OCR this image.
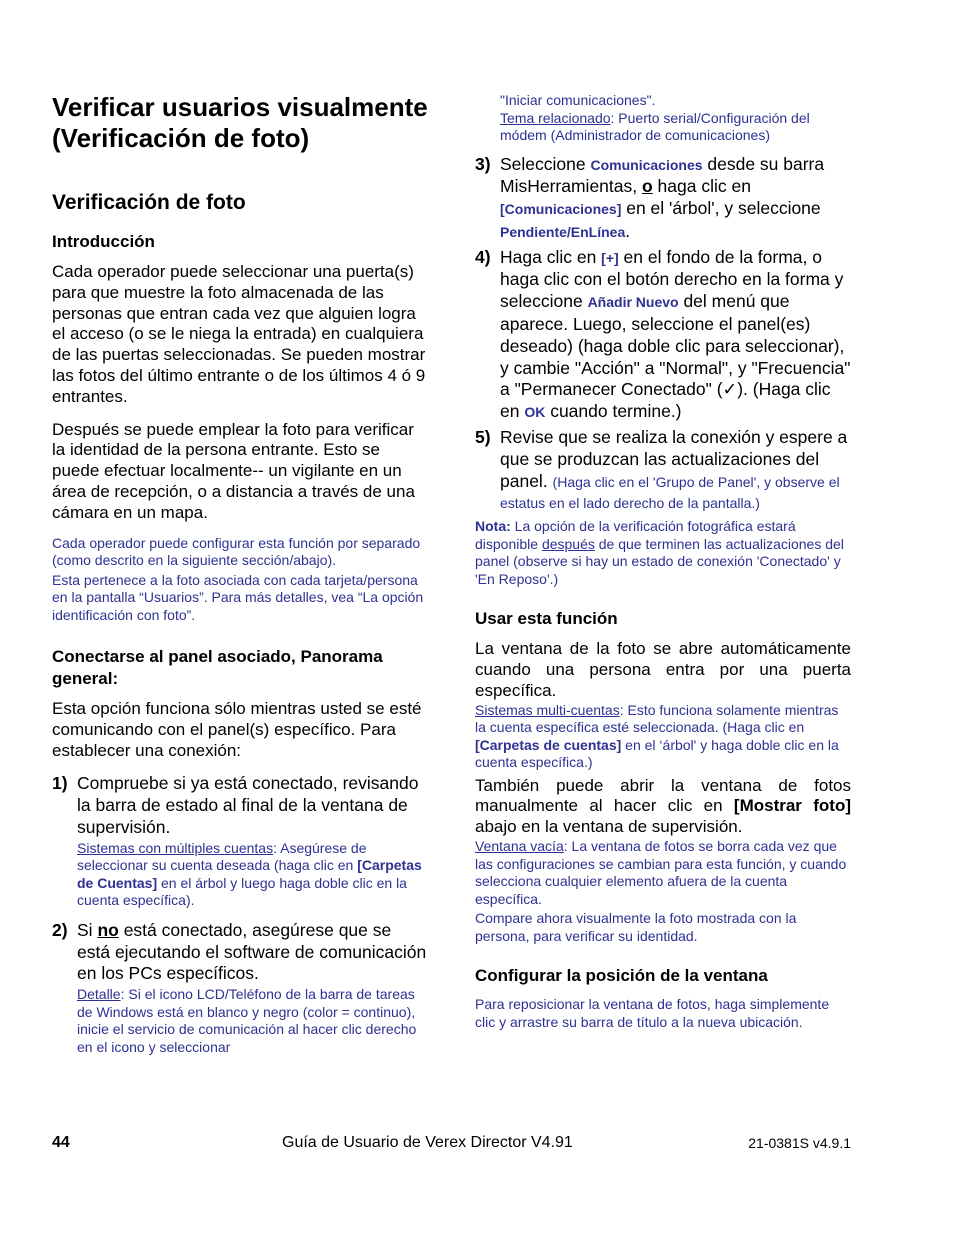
Verificar usuarios visualmente (Verificación de foto)
Verificación de foto
Introducción

Cada operador puede seleccionar una puerta(s) para que muestre la foto almacenada de las personas que entran cada vez que alguien logra el acceso (o se le niega la entrada) en cualquiera de las puertas seleccionadas. Se pueden mostrar las fotos del último entrante o de los últimos 4 ó 9 entrantes.

Después se puede emplear la foto para verificar la identidad de la persona entrante. Esto se puede efectuar localmente-- un vigilante en un área de recepción, o a distancia a través de una cámara en un mapa.

Cada operador puede configurar esta función por separado (como descrito en la siguiente sección/abajo).

Esta pertenece a la foto asociada con cada tarjeta/persona en la pantalla “Usuarios”. Para más detalles, vea “La opción identificación con foto”.

Conectarse al panel asociado, Panorama general:

Esta opción funciona sólo mientras usted se esté comunicando con el panel(s) específico. Para establecer una conexión:

1) Compruebe si ya está conectado, revisando la barra de estado al final de la ventana de supervisión.

Sistemas con múltiples cuentas: Asegúrese de seleccionar su cuenta deseada (haga clic en [Carpetas de Cuentas] en el árbol y luego haga doble clic en la cuenta específica).

2) Si no está conectado, asegúrese que se está ejecutando el software de comunicación en los PCs específicos.

Detalle: Si el icono LCD/Teléfono de la barra de tareas de Windows está en blanco y negro (color = continuo), inicie el servicio de comunicación al hacer clic derecho en el icono y seleccionar

"Iniciar comunicaciones".

Tema relacionado: Puerto serial/Configuración del módem (Administrador de comunicaciones)

3) Seleccione Comunicaciones desde su barra MisHerramientas, o haga clic en [Comunicaciones] en el 'árbol', y seleccione Pendiente/EnLínea.

4) Haga clic en [+] en el fondo de la forma, o haga clic con el botón derecho en la forma y seleccione Añadir Nuevo del menú que aparece. Luego, seleccione el panel(es) deseado) (haga doble clic para seleccionar), y cambie "Acción" a "Normal", y "Frecuencia" a "Permanecer Conectado" (✓). (Haga clic en OK cuando termine.)

5) Revise que se realiza la conexión y espere a que se produzcan las actualizaciones del panel. (Haga clic en el 'Grupo de Panel', y observe el estatus en el lado derecho de la pantalla.)

Nota: La opción de la verificación fotográfica estará disponible después de que terminen las actualizaciones del panel (observe si hay un estado de conexión 'Conectado' y 'En Reposo'.)

Usar esta función

La ventana de la foto se abre automáticamente cuando una persona entra por una puerta específica.

Sistemas multi-cuentas: Esto funciona solamente mientras la cuenta específica esté seleccionada. (Haga clic en [Carpetas de cuentas] en el ‘árbol' y haga doble clic en la cuenta específica.)

También puede abrir la ventana de fotos manualmente al hacer clic en [Mostrar foto] abajo en la ventana de supervisión.

Ventana vacía: La ventana de fotos se borra cada vez que las configuraciones se cambian para esta función, y cuando selecciona cualquier elemento afuera de la cuenta específica.

Compare ahora visualmente la foto mostrada con la persona, para verificar su identidad.

Configurar la posición de la ventana

Para reposicionar la ventana de fotos, haga simplemente clic y arrastre su barra de título a la nueva ubicación.

44	Guía de Usuario de Verex Director V4.91	21-0381S v4.9.1
